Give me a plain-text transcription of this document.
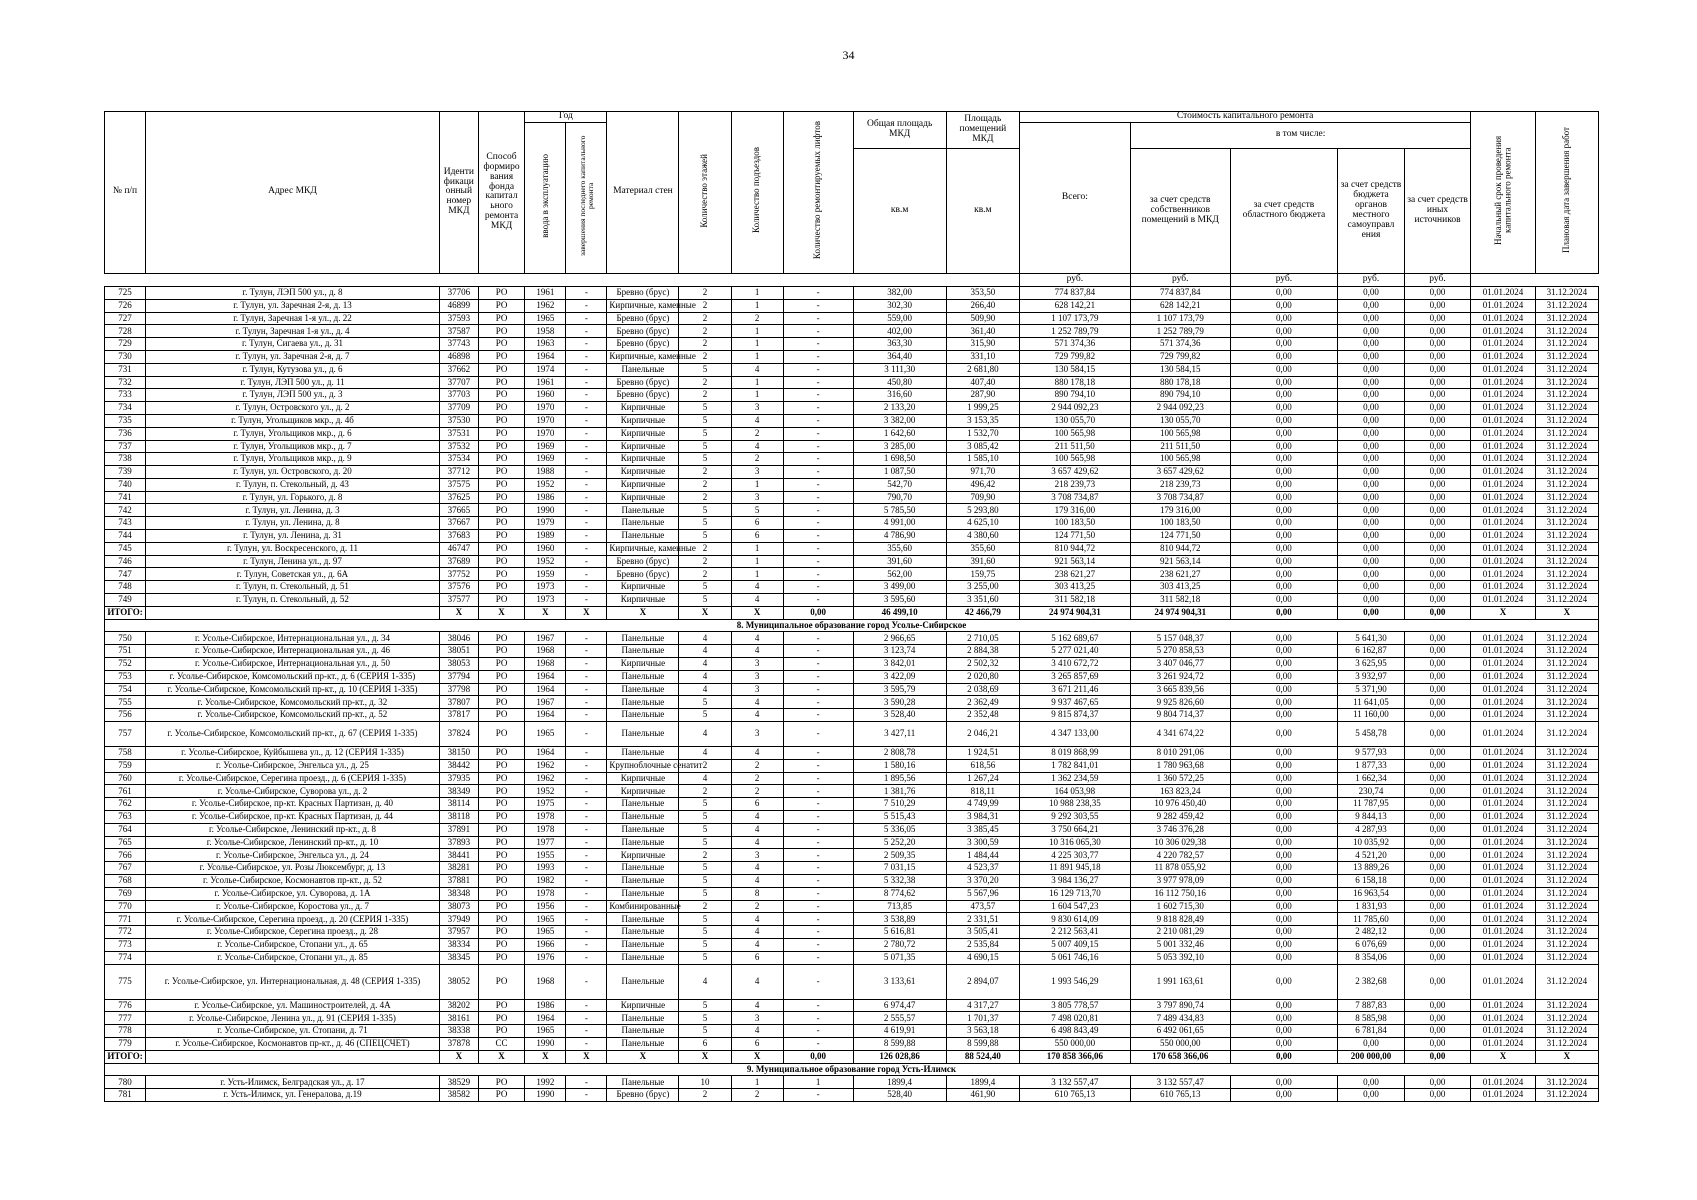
34
№ п/п	Адрес МКД	Иденти фикаци онный номер МКД	Способ формиро вания фонда капитал ьного ремонта МКД	Год		Материал стен	Количество этажей	Количество подъездов	Количество ремонтируемых лифтов	Общая площадь МКД	Площадь помещений МКД	Стоимость капитального ремонта					Начальный срок проведения капитального ремонта	Плановая дата завершения работ
				ввода в эксплуатацию	завершения последнего капитального ремонта							Всего:	в том числе:					
										кв.м	кв.м		за счет средств собственников помещений в МКД	за счет средств областного бюджета	за счет средств бюджета органов местного самоуправл ения	за счет средств иных источников		
												руб.	руб.	руб.	руб.	руб.		
725	г. Тулун, ЛЭП 500 ул., д. 8	37706	РО	1961	-	Бревно (брус)	2	1	-	382,00	353,50	774 837,84	774 837,84	0,00	0,00	0,00	01.01.2024	31.12.2024
726	г. Тулун, ул. Заречная 2-я, д. 13	46899	РО	1962	-	Кирпичные, каменные	2	1	-	302,30	266,40	628 142,21	628 142,21	0,00	0,00	0,00	01.01.2024	31.12.2024
727	г. Тулун, Заречная 1-я ул., д. 22	37593	РО	1965	-	Бревно (брус)	2	2	-	559,00	509,90	1 107 173,79	1 107 173,79	0,00	0,00	0,00	01.01.2024	31.12.2024
728	г. Тулун, Заречная 1-я ул., д. 4	37587	РО	1958	-	Бревно (брус)	2	1	-	402,00	361,40	1 252 789,79	1 252 789,79	0,00	0,00	0,00	01.01.2024	31.12.2024
729	г. Тулун, Сигаева ул., д. 31	37743	РО	1963	-	Бревно (брус)	2	1	-	363,30	315,90	571 374,36	571 374,36	0,00	0,00	0,00	01.01.2024	31.12.2024
730	г. Тулун, ул. Заречная 2-я, д. 7	46898	РО	1964	-	Кирпичные, каменные	2	1	-	364,40	331,10	729 799,82	729 799,82	0,00	0,00	0,00	01.01.2024	31.12.2024
731	г. Тулун, Кутузова ул., д. 6	37662	РО	1974	-	Панельные	5	4	-	3 111,30	2 681,80	130 584,15	130 584,15	0,00	0,00	0,00	01.01.2024	31.12.2024
732	г. Тулун, ЛЭП 500 ул., д. 11	37707	РО	1961	-	Бревно (брус)	2	1	-	450,80	407,40	880 178,18	880 178,18	0,00	0,00	0,00	01.01.2024	31.12.2024
733	г. Тулун, ЛЭП 500 ул., д. 3	37703	РО	1960	-	Бревно (брус)	2	1	-	316,60	287,90	890 794,10	890 794,10	0,00	0,00	0,00	01.01.2024	31.12.2024
734	г. Тулун, Островского ул., д. 2	37709	РО	1970	-	Кирпичные	5	3	-	2 133,20	1 999,25	2 944 092,23	2 944 092,23	0,00	0,00	0,00	01.01.2024	31.12.2024
735	г. Тулун, Угольщиков мкр., д. 4б	37530	РО	1970	-	Кирпичные	5	4	-	3 382,00	3 153,35	130 055,70	130 055,70	0,00	0,00	0,00	01.01.2024	31.12.2024
736	г. Тулун, Угольщиков мкр., д. 6	37531	РО	1970	-	Кирпичные	5	2	-	1 642,60	1 532,70	100 565,98	100 565,98	0,00	0,00	0,00	01.01.2024	31.12.2024
737	г. Тулун, Угольщиков мкр., д. 7	37532	РО	1969	-	Кирпичные	5	4	-	3 285,00	3 085,42	211 511,50	211 511,50	0,00	0,00	0,00	01.01.2024	31.12.2024
738	г. Тулун, Угольщиков мкр., д. 9	37534	РО	1969	-	Кирпичные	5	2	-	1 698,50	1 585,10	100 565,98	100 565,98	0,00	0,00	0,00	01.01.2024	31.12.2024
739	г. Тулун, ул. Островского, д. 20	37712	РО	1988	-	Кирпичные	2	3	-	1 087,50	971,70	3 657 429,62	3 657 429,62	0,00	0,00	0,00	01.01.2024	31.12.2024
740	г. Тулун, п. Стекольный, д. 43	37575	РО	1952	-	Кирпичные	2	1	-	542,70	496,42	218 239,73	218 239,73	0,00	0,00	0,00	01.01.2024	31.12.2024
741	г. Тулун, ул. Горького, д. 8	37625	РО	1986	-	Кирпичные	2	3	-	790,70	709,90	3 708 734,87	3 708 734,87	0,00	0,00	0,00	01.01.2024	31.12.2024
742	г. Тулун, ул. Ленина, д. 3	37665	РО	1990	-	Панельные	5	5	-	5 785,50	5 293,80	179 316,00	179 316,00	0,00	0,00	0,00	01.01.2024	31.12.2024
743	г. Тулун, ул. Ленина, д. 8	37667	РО	1979	-	Панельные	5	6	-	4 991,00	4 625,10	100 183,50	100 183,50	0,00	0,00	0,00	01.01.2024	31.12.2024
744	г. Тулун, ул. Ленина, д. 31	37683	РО	1989	-	Панельные	5	6	-	4 786,90	4 380,60	124 771,50	124 771,50	0,00	0,00	0,00	01.01.2024	31.12.2024
745	г. Тулун, ул. Воскресенского, д. 11	46747	РО	1960	-	Кирпичные, каменные	2	1	-	355,60	355,60	810 944,72	810 944,72	0,00	0,00	0,00	01.01.2024	31.12.2024
746	г. Тулун, Ленина ул., д. 97	37689	РО	1952	-	Бревно (брус)	2	1	-	391,60	391,60	921 563,14	921 563,14	0,00	0,00	0,00	01.01.2024	31.12.2024
747	г. Тулун, Советская ул., д. 6А	37752	РО	1959	-	Бревно (брус)	2	1	-	562,00	159,75	238 621,27	238 621,27	0,00	0,00	0,00	01.01.2024	31.12.2024
748	г. Тулун, п. Стекольный, д. 51	37576	РО	1973	-	Кирпичные	5	4	-	3 499,00	3 255,00	303 413,25	303 413,25	0,00	0,00	0,00	01.01.2024	31.12.2024
749	г. Тулун, п. Стекольный, д. 52	37577	РО	1973	-	Кирпичные	5	4	-	3 595,60	3 351,60	311 582,18	311 582,18	0,00	0,00	0,00	01.01.2024	31.12.2024
ИТОГО:		X	X	X	X	X	X	X	0,00	46 499,10	42 466,79	24 974 904,31	24 974 904,31	0,00	0,00	0,00	X	X
8. Муниципальное образование город Усолье-Сибирское																		
750	г. Усолье-Сибирское, Интернациональная ул., д. 34	38046	РО	1967	-	Панельные	4	4	-	2 966,65	2 710,05	5 162 689,67	5 157 048,37	0,00	5 641,30	0,00	01.01.2024	31.12.2024
751	г. Усолье-Сибирское, Интернациональная ул., д. 46	38051	РО	1968	-	Панельные	4	4	-	3 123,74	2 884,38	5 277 021,40	5 270 858,53	0,00	6 162,87	0,00	01.01.2024	31.12.2024
752	г. Усолье-Сибирское, Интернациональная ул., д. 50	38053	РО	1968	-	Кирпичные	4	3	-	3 842,01	2 502,32	3 410 672,72	3 407 046,77	0,00	3 625,95	0,00	01.01.2024	31.12.2024
753	г. Усолье-Сибирское, Комсомольский пр-кт., д. 6 (СЕРИЯ 1-335)	37794	РО	1964	-	Панельные	4	3	-	3 422,09	2 020,80	3 265 857,69	3 261 924,72	0,00	3 932,97	0,00	01.01.2024	31.12.2024
754	г. Усолье-Сибирское, Комсомольский пр-кт., д. 10 (СЕРИЯ 1-335)	37798	РО	1964	-	Панельные	4	3	-	3 595,79	2 038,69	3 671 211,46	3 665 839,56	0,00	5 371,90	0,00	01.01.2024	31.12.2024
755	г. Усолье-Сибирское, Комсомольский пр-кт., д. 32	37807	РО	1967	-	Панельные	5	4	-	3 590,28	2 362,49	9 937 467,65	9 925 826,60	0,00	11 641,05	0,00	01.01.2024	31.12.2024
756	г. Усолье-Сибирское, Комсомольский пр-кт., д. 52	37817	РО	1964	-	Панельные	5	4	-	3 528,40	2 352,48	9 815 874,37	9 804 714,37	0,00	11 160,00	0,00	01.01.2024	31.12.2024
757	г. Усолье-Сибирское, Комсомольский пр-кт., д. 67 (СЕРИЯ 1-335)	37824	РО	1965	-	Панельные	4	3	-	3 427,11	2 046,21	4 347 133,00	4 341 674,22	0,00	5 458,78	0,00	01.01.2024	31.12.2024
758	г. Усолье-Сибирское, Куйбышева ул., д. 12 (СЕРИЯ 1-335)	38150	РО	1964	-	Панельные	4	4	-	2 808,78	1 924,51	8 019 868,99	8 010 291,06	0,00	9 577,93	0,00	01.01.2024	31.12.2024
759	г. Усолье-Сибирское, Энгельса ул., д. 25	38442	РО	1962	-	Крупноблочные сенатит	2	2	-	1 580,16	618,56	1 782 841,01	1 780 963,68	0,00	1 877,33	0,00	01.01.2024	31.12.2024
760	г. Усолье-Сибирское, Серегина проезд., д. 6 (СЕРИЯ 1-335)	37935	РО	1962	-	Кирпичные	4	2	-	1 895,56	1 267,24	1 362 234,59	1 360 572,25	0,00	1 662,34	0,00	01.01.2024	31.12.2024
761	г. Усолье-Сибирское, Суворова ул., д. 2	38349	РО	1952	-	Кирпичные	2	2	-	1 381,76	818,11	164 053,98	163 823,24	0,00	230,74	0,00	01.01.2024	31.12.2024
762	г. Усолье-Сибирское, пр-кт. Красных Партизан, д. 40	38114	РО	1975	-	Панельные	5	6	-	7 510,29	4 749,99	10 988 238,35	10 976 450,40	0,00	11 787,95	0,00	01.01.2024	31.12.2024
763	г. Усолье-Сибирское, пр-кт. Красных Партизан, д. 44	38118	РО	1978	-	Панельные	5	4	-	5 515,43	3 984,31	9 292 303,55	9 282 459,42	0,00	9 844,13	0,00	01.01.2024	31.12.2024
764	г. Усолье-Сибирское, Ленинский пр-кт., д. 8	37891	РО	1978	-	Панельные	5	4	-	5 336,05	3 385,45	3 750 664,21	3 746 376,28	0,00	4 287,93	0,00	01.01.2024	31.12.2024
765	г. Усолье-Сибирское, Ленинский пр-кт., д. 10	37893	РО	1977	-	Панельные	5	4	-	5 252,20	3 300,59	10 316 065,30	10 306 029,38	0,00	10 035,92	0,00	01.01.2024	31.12.2024
766	г. Усолье-Сибирское, Энгельса ул., д. 24	38441	РО	1955	-	Кирпичные	2	3	-	2 509,35	1 484,44	4 225 303,77	4 220 782,57	0,00	4 521,20	0,00	01.01.2024	31.12.2024
767	г. Усолье-Сибирское, ул. Розы Люксембург, д. 13	38281	РО	1993	-	Панельные	5	4	-	7 031,15	4 523,37	11 891 945,18	11 878 055,92	0,00	13 889,26	0,00	01.01.2024	31.12.2024
768	г. Усолье-Сибирское, Космонавтов пр-кт., д. 52	37881	РО	1982	-	Панельные	5	4	-	5 332,38	3 370,20	3 984 136,27	3 977 978,09	0,00	6 158,18	0,00	01.01.2024	31.12.2024
769	г. Усолье-Сибирское, ул. Суворова, д. 1А	38348	РО	1978	-	Панельные	5	8	-	8 774,62	5 567,96	16 129 713,70	16 112 750,16	0,00	16 963,54	0,00	01.01.2024	31.12.2024
770	г. Усолье-Сибирское, Коростова ул., д. 7	38073	РО	1956	-	Комбинированные	2	2	-	713,85	473,57	1 604 547,23	1 602 715,30	0,00	1 831,93	0,00	01.01.2024	31.12.2024
771	г. Усолье-Сибирское, Серегина проезд., д. 20 (СЕРИЯ 1-335)	37949	РО	1965	-	Панельные	5	4	-	3 538,89	2 331,51	9 830 614,09	9 818 828,49	0,00	11 785,60	0,00	01.01.2024	31.12.2024
772	г. Усолье-Сибирское, Серегина проезд., д. 28	37957	РО	1965	-	Панельные	5	4	-	5 616,81	3 505,41	2 212 563,41	2 210 081,29	0,00	2 482,12	0,00	01.01.2024	31.12.2024
773	г. Усолье-Сибирское, Стопани ул., д. 65	38334	РО	1966	-	Панельные	5	4	-	2 780,72	2 535,84	5 007 409,15	5 001 332,46	0,00	6 076,69	0,00	01.01.2024	31.12.2024
774	г. Усолье-Сибирское, Стопани ул., д. 85	38345	РО	1976	-	Панельные	5	6	-	5 071,35	4 690,15	5 061 746,16	5 053 392,10	0,00	8 354,06	0,00	01.01.2024	31.12.2024
775	г. Усолье-Сибирское, ул. Интернациональная, д. 48 (СЕРИЯ 1-335)	38052	РО	1968	-	Панельные	4	4	-	3 133,61	2 894,07	1 993 546,29	1 991 163,61	0,00	2 382,68	0,00	01.01.2024	31.12.2024
776	г. Усолье-Сибирское, ул. Машиностроителей, д. 4А	38202	РО	1986	-	Кирпичные	5	4	-	6 974,47	4 317,27	3 805 778,57	3 797 890,74	0,00	7 887,83	0,00	01.01.2024	31.12.2024
777	г. Усолье-Сибирское, Ленина ул., д. 91 (СЕРИЯ 1-335)	38161	РО	1964	-	Панельные	5	3	-	2 555,57	1 701,37	7 498 020,81	7 489 434,83	0,00	8 585,98	0,00	01.01.2024	31.12.2024
778	г. Усолье-Сибирское, ул. Стопани, д. 71	38338	РО	1965	-	Панельные	5	4	-	4 619,91	3 563,18	6 498 843,49	6 492 061,65	0,00	6 781,84	0,00	01.01.2024	31.12.2024
779	г. Усолье-Сибирское, Космонавтов пр-кт., д. 46 (СПЕЦСЧЕТ)	37878	СС	1990	-	Панельные	6	6	-	8 599,88	8 599,88	550 000,00	550 000,00	0,00	0,00	0,00	01.01.2024	31.12.2024
ИТОГО:		X	X	X	X	X	X	X	0,00	126 028,86	88 524,40	170 858 366,06	170 658 366,06	0,00	200 000,00	0,00	X	X
9. Муниципальное образование город Усть-Илимск																		
780	г. Усть-Илимск, Белградская ул., д. 17	38529	РО	1992	-	Панельные	10	1	1	1899,4	1899,4	3 132 557,47	3 132 557,47	0,00	0,00	0,00	01.01.2024	31.12.2024
781	г. Усть-Илимск, ул. Генералова, д.19	38582	РО	1990	-	Бревно (брус)	2	2	-	528,40	461,90	610 765,13	610 765,13	0,00	0,00	0,00	01.01.2024	31.12.2024
